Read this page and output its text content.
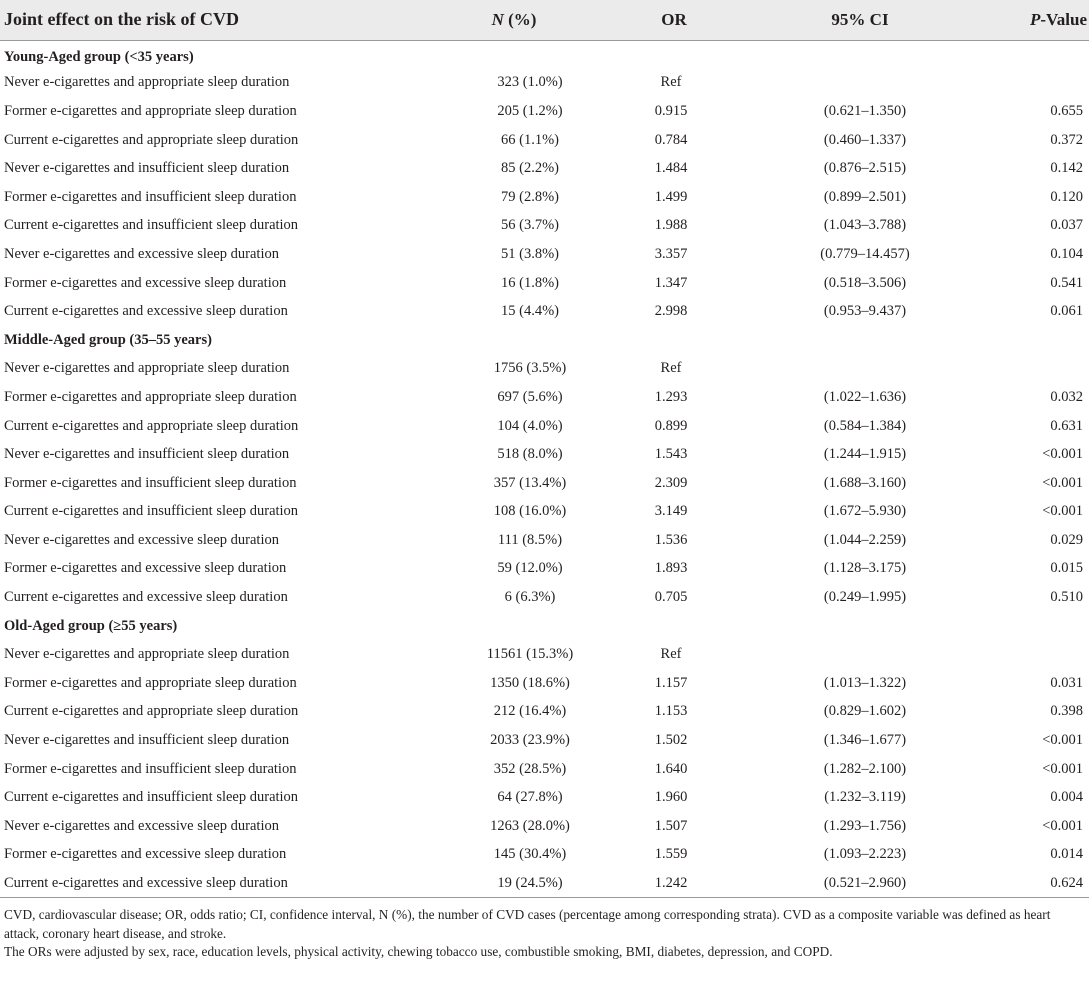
Joint effect on the risk of CVD	N (%)	OR	95% CI	P-Value
Young-Aged group (<35 years)				
Never e-cigarettes and appropriate sleep duration	323 (1.0%)	Ref		
Former e-cigarettes and appropriate sleep duration	205 (1.2%)	0.915	(0.621–1.350)	0.655
Current e-cigarettes and appropriate sleep duration	66 (1.1%)	0.784	(0.460–1.337)	0.372
Never e-cigarettes and insufficient sleep duration	85 (2.2%)	1.484	(0.876–2.515)	0.142
Former e-cigarettes and insufficient sleep duration	79 (2.8%)	1.499	(0.899–2.501)	0.120
Current e-cigarettes and insufficient sleep duration	56 (3.7%)	1.988	(1.043–3.788)	0.037
Never e-cigarettes and excessive sleep duration	51 (3.8%)	3.357	(0.779–14.457)	0.104
Former e-cigarettes and excessive sleep duration	16 (1.8%)	1.347	(0.518–3.506)	0.541
Current e-cigarettes and excessive sleep duration	15 (4.4%)	2.998	(0.953–9.437)	0.061
Middle-Aged group (35–55 years)				
Never e-cigarettes and appropriate sleep duration	1756 (3.5%)	Ref		
Former e-cigarettes and appropriate sleep duration	697 (5.6%)	1.293	(1.022–1.636)	0.032
Current e-cigarettes and appropriate sleep duration	104 (4.0%)	0.899	(0.584–1.384)	0.631
Never e-cigarettes and insufficient sleep duration	518 (8.0%)	1.543	(1.244–1.915)	<0.001
Former e-cigarettes and insufficient sleep duration	357 (13.4%)	2.309	(1.688–3.160)	<0.001
Current e-cigarettes and insufficient sleep duration	108 (16.0%)	3.149	(1.672–5.930)	<0.001
Never e-cigarettes and excessive sleep duration	111 (8.5%)	1.536	(1.044–2.259)	0.029
Former e-cigarettes and excessive sleep duration	59 (12.0%)	1.893	(1.128–3.175)	0.015
Current e-cigarettes and excessive sleep duration	6 (6.3%)	0.705	(0.249–1.995)	0.510
Old-Aged group (≥55 years)				
Never e-cigarettes and appropriate sleep duration	11561 (15.3%)	Ref		
Former e-cigarettes and appropriate sleep duration	1350 (18.6%)	1.157	(1.013–1.322)	0.031
Current e-cigarettes and appropriate sleep duration	212 (16.4%)	1.153	(0.829–1.602)	0.398
Never e-cigarettes and insufficient sleep duration	2033 (23.9%)	1.502	(1.346–1.677)	<0.001
Former e-cigarettes and insufficient sleep duration	352 (28.5%)	1.640	(1.282–2.100)	<0.001
Current e-cigarettes and insufficient sleep duration	64 (27.8%)	1.960	(1.232–3.119)	0.004
Never e-cigarettes and excessive sleep duration	1263 (28.0%)	1.507	(1.293–1.756)	<0.001
Former e-cigarettes and excessive sleep duration	145 (30.4%)	1.559	(1.093–2.223)	0.014
Current e-cigarettes and excessive sleep duration	19 (24.5%)	1.242	(0.521–2.960)	0.624

CVD, cardiovascular disease; OR, odds ratio; CI, confidence interval, N (%), the number of CVD cases (percentage among corresponding strata). CVD as a composite variable was defined as heart attack, coronary heart disease, and stroke.

The ORs were adjusted by sex, race, education levels, physical activity, chewing tobacco use, combustible smoking, BMI, diabetes, depression, and COPD.
